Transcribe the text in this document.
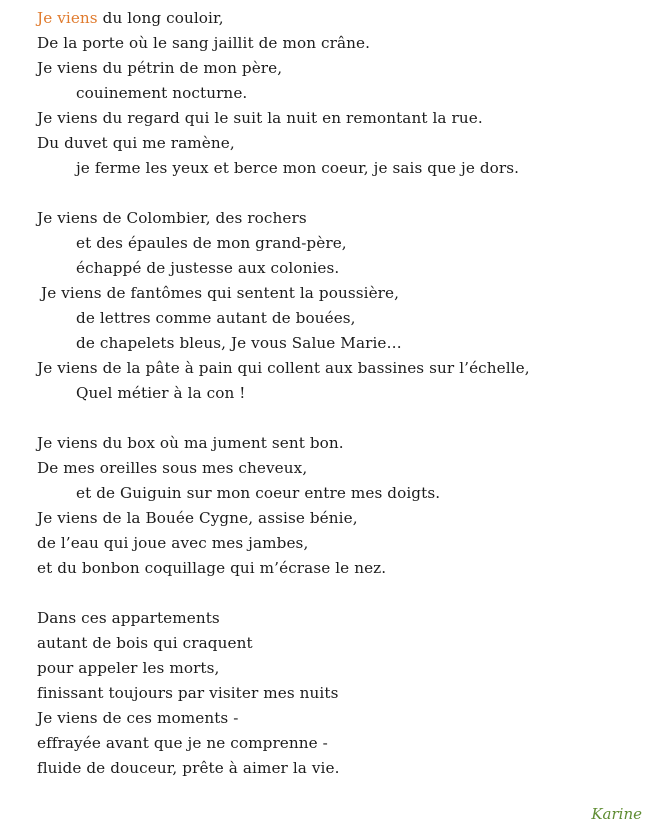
Je viens du long couloir,
De la porte où le sang jaillit de mon crâne.
Je viens du pétrin de mon père,
couinement nocturne.
Je viens du regard qui le suit la nuit en remontant la rue.
Du duvet qui me ramène,
je ferme les yeux et berce mon coeur, je sais que je dors.
Je viens de Colombier, des rochers
et des épaules de mon grand-père,
échappé de justesse aux colonies.
Je viens de fantômes qui sentent la poussière,
de lettres comme autant de bouées,
de chapelets bleus, Je vous Salue Marie…
Je viens de la pâte à pain qui collent aux bassines sur l’échelle,
Quel métier à la con !
Je viens du box où ma jument sent bon.
De mes oreilles sous mes cheveux,
et de Guiguin sur mon coeur entre mes doigts.
Je viens de la Bouée Cygne, assise bénie,
de l’eau qui joue avec mes jambes,
et du bonbon coquillage qui m’écrase le nez.
Dans ces appartements
autant de bois qui craquent
pour appeler les morts,
finissant toujours par visiter mes nuits
Je viens de ces moments -
effrayée avant que je ne comprenne -
fluide de douceur, prête à aimer la vie.
Karine
